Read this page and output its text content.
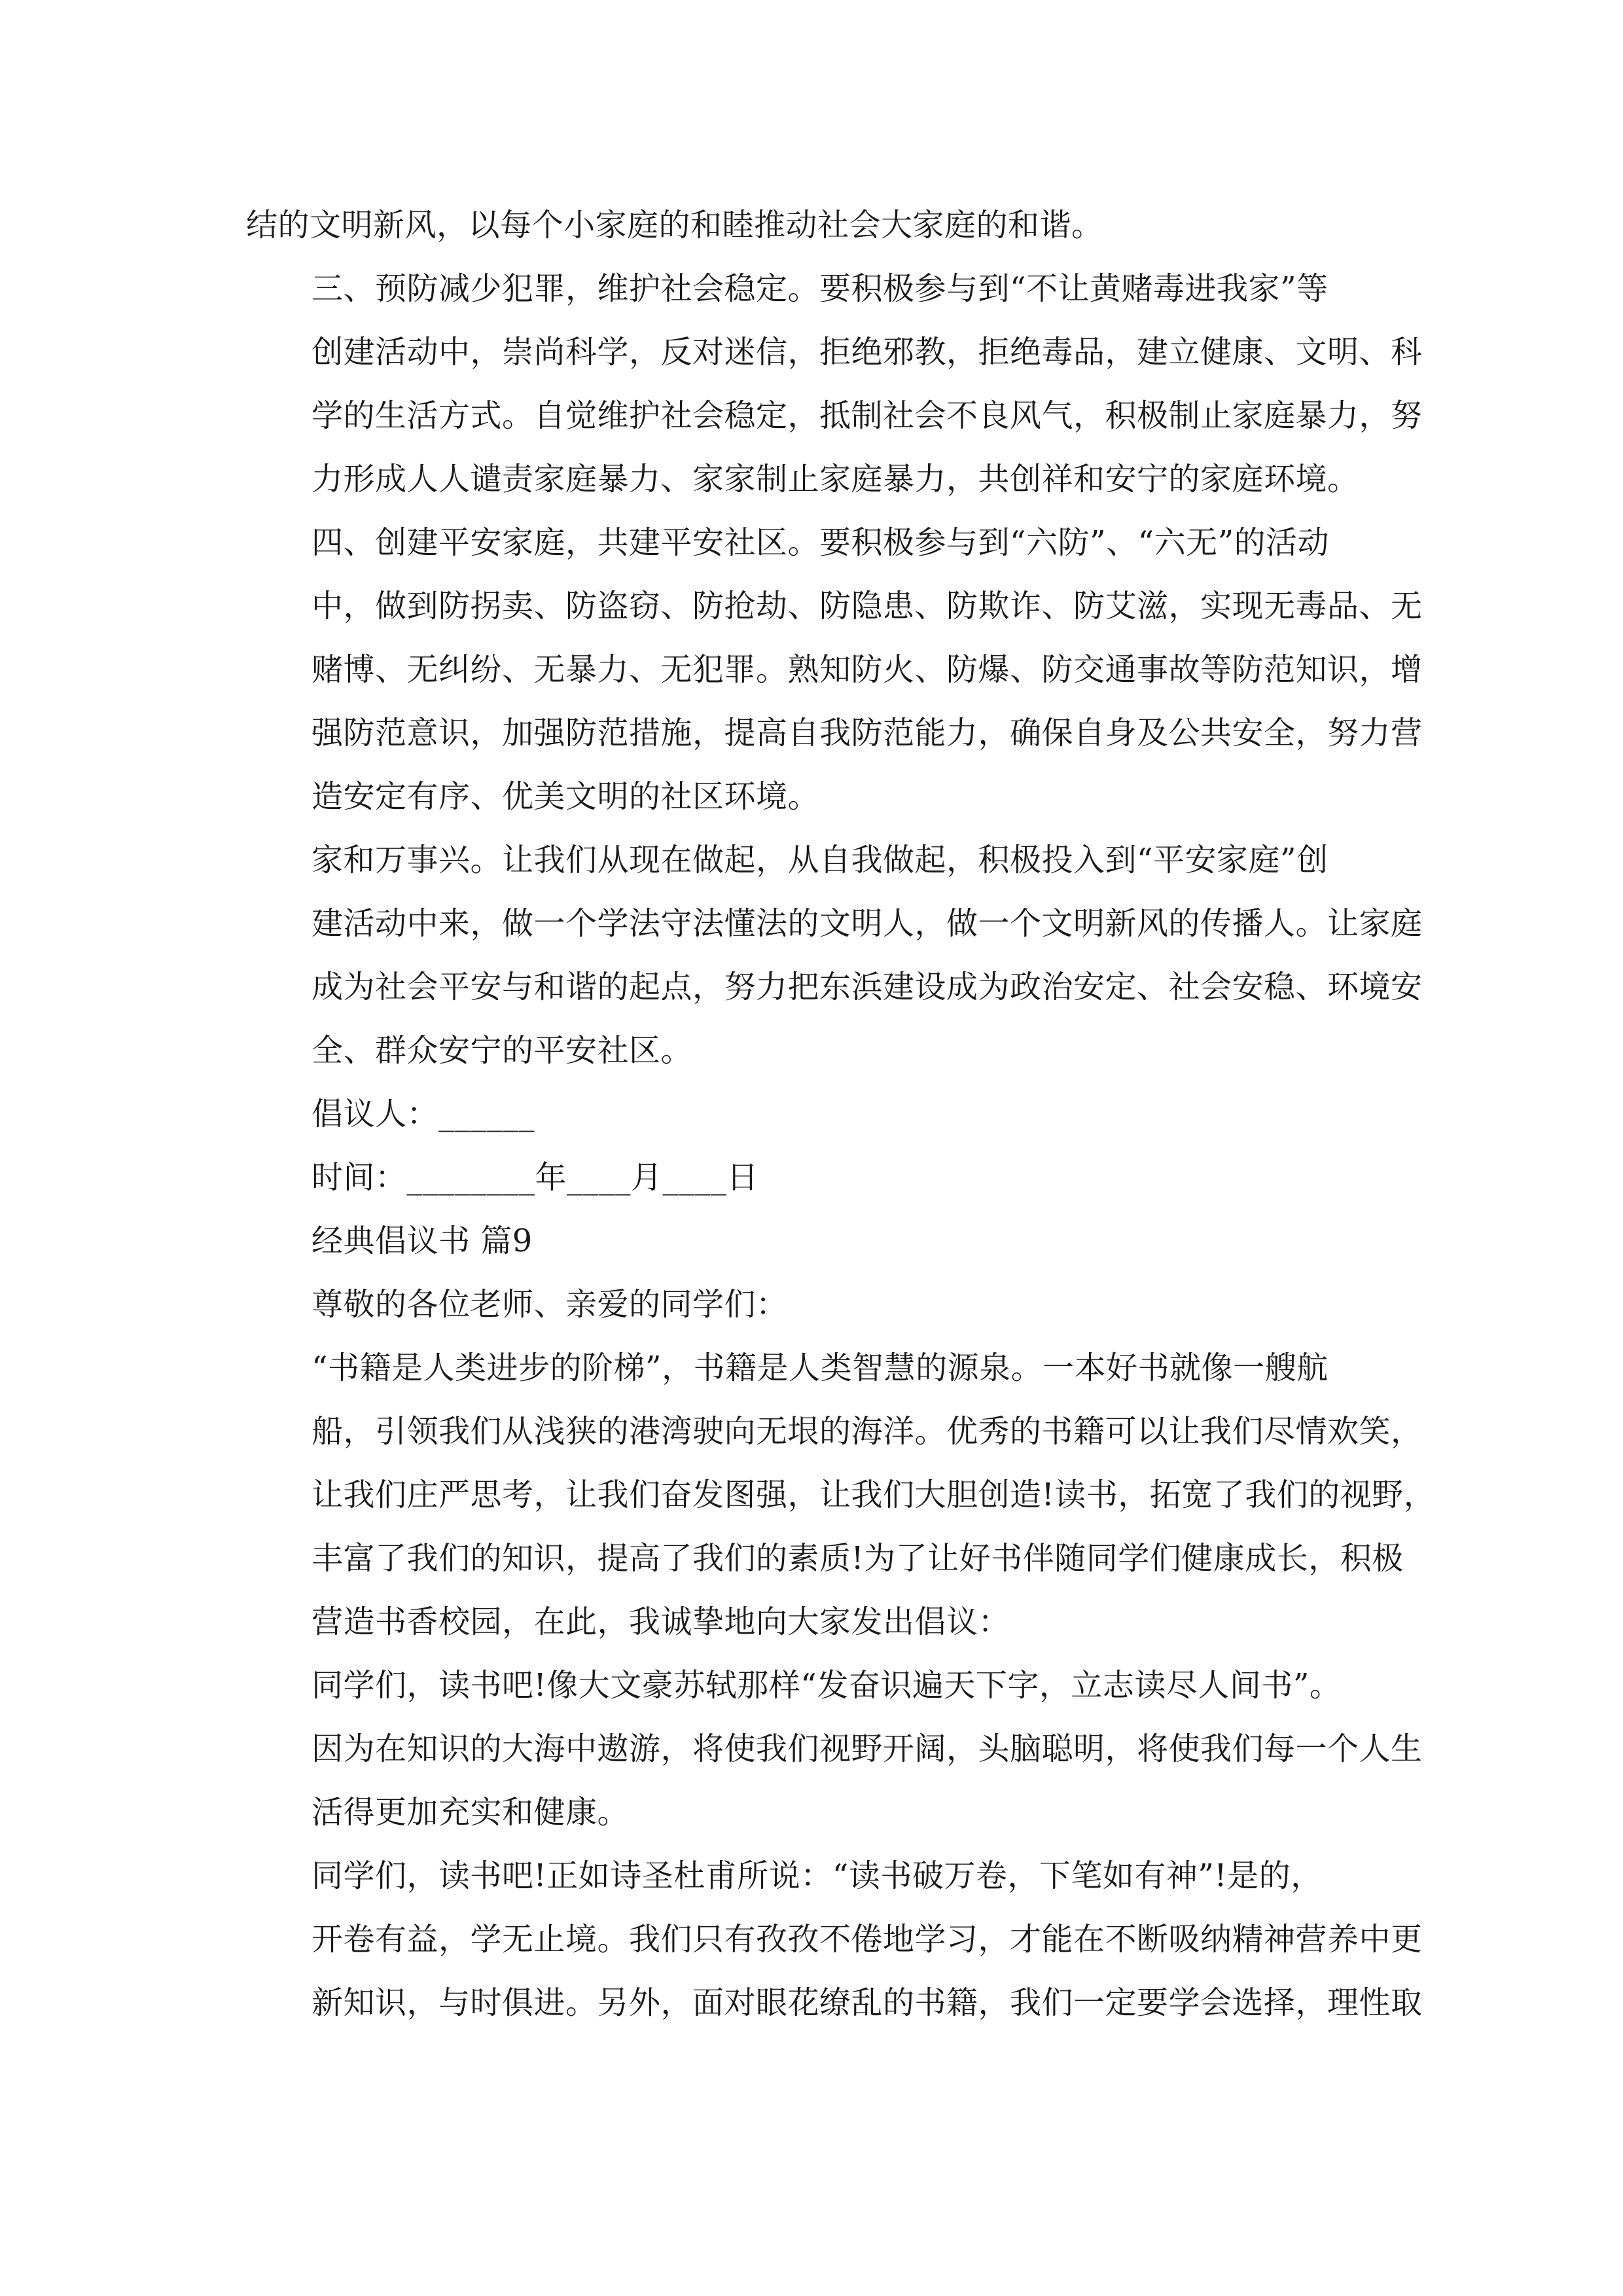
结的文明新风，以每个小家庭的和睦推动社会大家庭的和谐。
三、预防减少犯罪，维护社会稳定。要积极参与到“不让黄赌毒进我家”等
创建活动中，崇尚科学，反对迷信，拒绝邪教，拒绝毒品，建立健康、文明、科
学的生活方式。自觉维护社会稳定，抵制社会不良风气，积极制止家庭暴力，努
力形成人人谴责家庭暴力、家家制止家庭暴力，共创祥和安宁的家庭环境。
四、创建平安家庭，共建平安社区。要积极参与到“六防”、“六无”的活动
中，做到防拐卖、防盗窃、防抢劫、防隐患、防欺诈、防艾滋，实现无毒品、无
赌博、无纠纷、无暴力、无犯罪。熟知防火、防爆、防交通事故等防范知识，增
强防范意识，加强防范措施，提高自我防范能力，确保自身及公共安全，努力营
造安定有序、优美文明的社区环境。
家和万事兴。让我们从现在做起，从自我做起，积极投入到“平安家庭”创
建活动中来，做一个学法守法懂法的文明人，做一个文明新风的传播人。让家庭
成为社会平安与和谐的起点，努力把东浜建设成为政治安定、社会安稳、环境安
全、群众安宁的平安社区。
倡议人：______
时间：________年____月____日
经典倡议书 篇9
尊敬的各位老师、亲爱的同学们：
“书籍是人类进步的阶梯”，书籍是人类智慧的源泉。一本好书就像一艘航
船，引领我们从浅狭的港湾驶向无垠的海洋。优秀的书籍可以让我们尽情欢笑，
让我们庄严思考，让我们奋发图强，让我们大胆创造!读书，拓宽了我们的视野，
丰富了我们的知识，提高了我们的素质!为了让好书伴随同学们健康成长，积极
营造书香校园，在此，我诚挚地向大家发出倡议：
同学们，读书吧!像大文豪苏轼那样“发奋识遍天下字，立志读尽人间书”。
因为在知识的大海中遨游，将使我们视野开阔，头脑聪明，将使我们每一个人生
活得更加充实和健康。
同学们，读书吧!正如诗圣杜甫所说：“读书破万卷，下笔如有神”!是的，
开卷有益，学无止境。我们只有孜孜不倦地学习，才能在不断吸纳精神营养中更
新知识，与时俱进。另外，面对眼花缭乱的书籍，我们一定要学会选择，理性取
